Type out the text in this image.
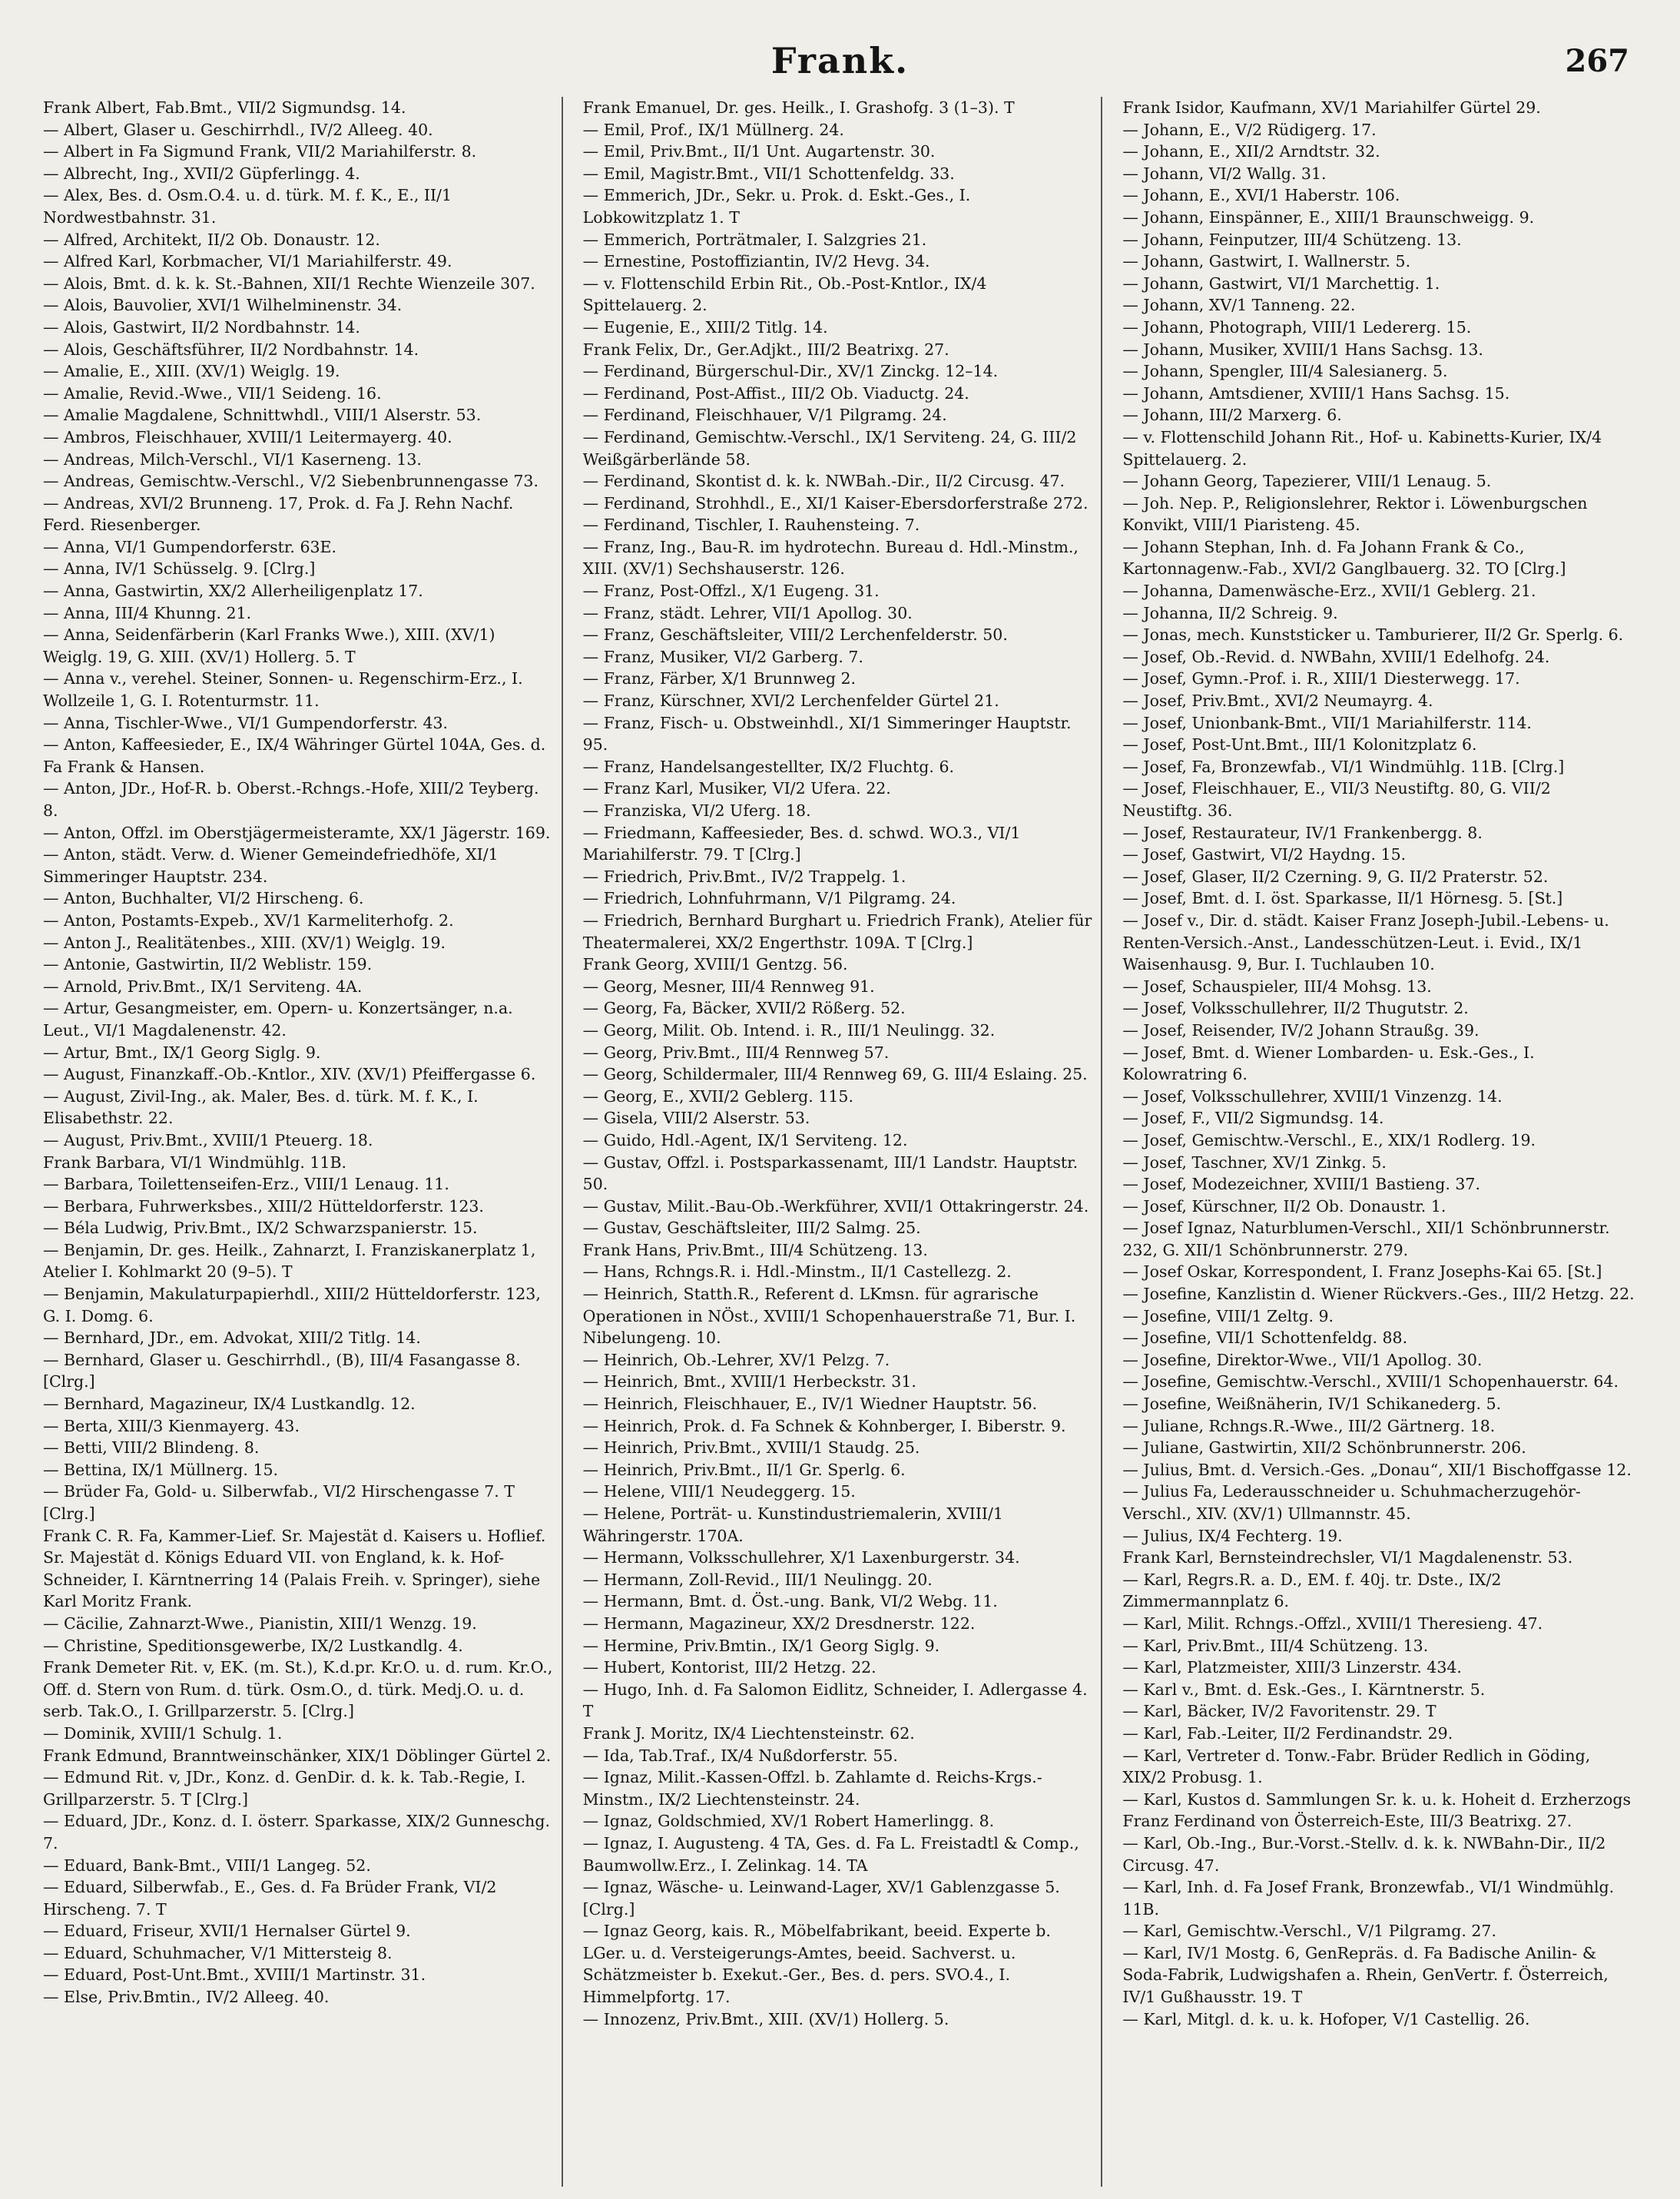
Frank.	267

Frank Albert, Fab.Bmt., VII/2 Sigmundsg. 14.

— Albert, Glaser u. Geschirrhdl., IV/2 Alleeg. 40.

— Albert in Fa Sigmund Frank, VII/2 Mariahilferstr. 8.

— Albrecht, Ing., XVII/2 Güpferlingg. 4.

— Alex, Bes. d. Osm.O.4. u. d. türk. M. f. K., E., II/1 Nordwestbahnstr. 31.

— Alfred, Architekt, II/2 Ob. Donaustr. 12.

— Alfred Karl, Korbmacher, VI/1 Mariahilferstr. 49.

— Alois, Bmt. d. k. k. St.-Bahnen, XII/1 Rechte Wienzeile 307.

— Alois, Bauvolier, XVI/1 Wilhelminenstr. 34.

— Alois, Gastwirt, II/2 Nordbahnstr. 14.

— Alois, Geschäftsführer, II/2 Nordbahnstr. 14.

— Amalie, E., XIII. (XV/1) Weiglg. 19.

— Amalie, Revid.-Wwe., VII/1 Seideng. 16.

— Amalie Magdalene, Schnittwhdl., VIII/1 Alserstr. 53.

— Ambros, Fleischhauer, XVIII/1 Leitermayerg. 40.

— Andreas, Milch-Verschl., VI/1 Kaserneng. 13.

— Andreas, Gemischtw.-Verschl., V/2 Siebenbrunnengasse 73.

— Andreas, XVI/2 Brunneng. 17, Prok. d. Fa J. Rehn Nachf. Ferd. Riesenberger.

— Anna, VI/1 Gumpendorferstr. 63E.

— Anna, IV/1 Schüsselg. 9. [Clrg.]

— Anna, Gastwirtin, XX/2 Allerheiligenplatz 17.

— Anna, III/4 Khunng. 21.

— Anna, Seidenfärberin (Karl Franks Wwe.), XIII. (XV/1) Weiglg. 19, G. XIII. (XV/1) Hollerg. 5. T

— Anna v., verehel. Steiner, Sonnen- u. Regenschirm-Erz., I. Wollzeile 1, G. I. Rotenturmstr. 11.

— Anna, Tischler-Wwe., VI/1 Gumpendorferstr. 43.

— Anton, Kaffeesieder, E., IX/4 Währinger Gürtel 104A, Ges. d. Fa Frank & Hansen.

— Anton, JDr., Hof-R. b. Oberst.-Rchngs.-Hofe, XIII/2 Teyberg. 8.

— Anton, Offzl. im Oberstjägermeisteramte, XX/1 Jägerstr. 169.

— Anton, städt. Verw. d. Wiener Gemeindefriedhöfe, XI/1 Simmeringer Hauptstr. 234.

— Anton, Buchhalter, VI/2 Hirscheng. 6.

— Anton, Postamts-Expeb., XV/1 Karmeliterhofg. 2.

— Anton J., Realitätenbes., XIII. (XV/1) Weiglg. 19.

— Antonie, Gastwirtin, II/2 Weblistr. 159.

— Arnold, Priv.Bmt., IX/1 Serviteng. 4A.

— Artur, Gesangmeister, em. Opern- u. Konzertsänger, n.a. Leut., VI/1 Magdalenenstr. 42.

— Artur, Bmt., IX/1 Georg Siglg. 9.

— August, Finanzkaff.-Ob.-Kntlor., XIV. (XV/1) Pfeiffergasse 6.

— August, Zivil-Ing., ak. Maler, Bes. d. türk. M. f. K., I. Elisabethstr. 22.

— August, Priv.Bmt., XVIII/1 Pteuerg. 18.

Frank Barbara, VI/1 Windmühlg. 11B.

— Barbara, Toilettenseifen-Erz., VIII/1 Lenaug. 11.

— Berbara, Fuhrwerksbes., XIII/2 Hütteldorferstr. 123.

— Béla Ludwig, Priv.Bmt., IX/2 Schwarzspanierstr. 15.

— Benjamin, Dr. ges. Heilk., Zahnarzt, I. Franziskanerplatz 1, Atelier I. Kohlmarkt 20 (9–5). T

— Benjamin, Makulaturpapierhdl., XIII/2 Hütteldorferstr. 123, G. I. Domg. 6.

— Bernhard, JDr., em. Advokat, XIII/2 Titlg. 14.

— Bernhard, Glaser u. Geschirrhdl., (B), III/4 Fasangasse 8. [Clrg.]

— Bernhard, Magazineur, IX/4 Lustkandlg. 12.

— Berta, XIII/3 Kienmayerg. 43.

— Betti, VIII/2 Blindeng. 8.

— Bettina, IX/1 Müllnerg. 15.

— Brüder Fa, Gold- u. Silberwfab., VI/2 Hirschengasse 7. T [Clrg.]

Frank C. R. Fa, Kammer-Lief. Sr. Majestät d. Kaisers u. Hoflief. Sr. Majestät d. Königs Eduard VII. von England, k. k. Hof-Schneider, I. Kärntnerring 14 (Palais Freih. v. Springer), siehe Karl Moritz Frank.

— Cäcilie, Zahnarzt-Wwe., Pianistin, XIII/1 Wenzg. 19.

— Christine, Speditionsgewerbe, IX/2 Lustkandlg. 4.

Frank Demeter Rit. v, EK. (m. St.), K.d.pr. Kr.O. u. d. rum. Kr.O., Off. d. Stern von Rum. d. türk. Osm.O., d. türk. Medj.O. u. d. serb. Tak.O., I. Grillparzerstr. 5. [Clrg.]

— Dominik, XVIII/1 Schulg. 1.

Frank Edmund, Branntweinschänker, XIX/1 Döblinger Gürtel 2.

— Edmund Rit. v, JDr., Konz. d. GenDir. d. k. k. Tab.-Regie, I. Grillparzerstr. 5. T [Clrg.]

— Eduard, JDr., Konz. d. I. österr. Sparkasse, XIX/2 Gunneschg. 7.

— Eduard, Bank-Bmt., VIII/1 Langeg. 52.

— Eduard, Silberwfab., E., Ges. d. Fa Brüder Frank, VI/2 Hirscheng. 7. T

— Eduard, Friseur, XVII/1 Hernalser Gürtel 9.

— Eduard, Schuhmacher, V/1 Mittersteig 8.

— Eduard, Post-Unt.Bmt., XVIII/1 Martinstr. 31.

— Else, Priv.Bmtin., IV/2 Alleeg. 40.

Frank Emanuel, Dr. ges. Heilk., I. Grashofg. 3 (1–3). T

— Emil, Prof., IX/1 Müllnerg. 24.

— Emil, Priv.Bmt., II/1 Unt. Augartenstr. 30.

— Emil, Magistr.Bmt., VII/1 Schottenfeldg. 33.

— Emmerich, JDr., Sekr. u. Prok. d. Eskt.-Ges., I. Lobkowitzplatz 1. T

— Emmerich, Porträtmaler, I. Salzgries 21.

— Ernestine, Postoffiziantin, IV/2 Hevg. 34.

— v. Flottenschild Erbin Rit., Ob.-Post-Kntlor., IX/4 Spittelauerg. 2.

— Eugenie, E., XIII/2 Titlg. 14.

Frank Felix, Dr., Ger.Adjkt., III/2 Beatrixg. 27.

— Ferdinand, Bürgerschul-Dir., XV/1 Zinckg. 12–14.

— Ferdinand, Post-Affist., III/2 Ob. Viaductg. 24.

— Ferdinand, Fleischhauer, V/1 Pilgramg. 24.

— Ferdinand, Gemischtw.-Verschl., IX/1 Serviteng. 24, G. III/2 Weißgärberlände 58.

— Ferdinand, Skontist d. k. k. NWBah.-Dir., II/2 Circusg. 47.

— Ferdinand, Strohhdl., E., XI/1 Kaiser-Ebersdorferstraße 272.

— Ferdinand, Tischler, I. Rauhensteing. 7.

— Franz, Ing., Bau-R. im hydrotechn. Bureau d. Hdl.-Minstm., XIII. (XV/1) Sechshauserstr. 126.

— Franz, Post-Offzl., X/1 Eugeng. 31.

— Franz, städt. Lehrer, VII/1 Apollog. 30.

— Franz, Geschäftsleiter, VIII/2 Lerchenfelderstr. 50.

— Franz, Musiker, VI/2 Garberg. 7.

— Franz, Färber, X/1 Brunnweg 2.

— Franz, Kürschner, XVI/2 Lerchenfelder Gürtel 21.

— Franz, Fisch- u. Obstweinhdl., XI/1 Simmeringer Hauptstr. 95.

— Franz, Handelsangestellter, IX/2 Fluchtg. 6.

— Franz Karl, Musiker, VI/2 Ufera. 22.

— Franziska, VI/2 Uferg. 18.

— Friedmann, Kaffeesieder, Bes. d. schwd. WO.3., VI/1 Mariahilferstr. 79. T [Clrg.]

— Friedrich, Priv.Bmt., IV/2 Trappelg. 1.

— Friedrich, Lohnfuhrmann, V/1 Pilgramg. 24.

— Friedrich, Bernhard Burghart u. Friedrich Frank), Atelier für Theatermalerei, XX/2 Engerthstr. 109A. T [Clrg.]

Frank Georg, XVIII/1 Gentzg. 56.

— Georg, Mesner, III/4 Rennweg 91.

— Georg, Fa, Bäcker, XVII/2 Rößerg. 52.

— Georg, Milit. Ob. Intend. i. R., III/1 Neulingg. 32.

— Georg, Priv.Bmt., III/4 Rennweg 57.

— Georg, Schildermaler, III/4 Rennweg 69, G. III/4 Eslaing. 25.

— Georg, E., XVII/2 Geblerg. 115.

— Gisela, VIII/2 Alserstr. 53.

— Guido, Hdl.-Agent, IX/1 Serviteng. 12.

— Gustav, Offzl. i. Postsparkassenamt, III/1 Landstr. Hauptstr. 50.

— Gustav, Milit.-Bau-Ob.-Werkführer, XVII/1 Ottakringerstr. 24.

— Gustav, Geschäftsleiter, III/2 Salmg. 25.

Frank Hans, Priv.Bmt., III/4 Schützeng. 13.

— Hans, Rchngs.R. i. Hdl.-Minstm., II/1 Castellezg. 2.

— Heinrich, Statth.R., Referent d. LKmsn. für agrarische Operationen in NÖst., XVIII/1 Schopenhauerstraße 71, Bur. I. Nibelungeng. 10.

— Heinrich, Ob.-Lehrer, XV/1 Pelzg. 7.

— Heinrich, Bmt., XVIII/1 Herbeckstr. 31.

— Heinrich, Fleischhauer, E., IV/1 Wiedner Hauptstr. 56.

— Heinrich, Prok. d. Fa Schnek & Kohnberger, I. Biberstr. 9.

— Heinrich, Priv.Bmt., XVIII/1 Staudg. 25.

— Heinrich, Priv.Bmt., II/1 Gr. Sperlg. 6.

— Helene, VIII/1 Neudeggerg. 15.

— Helene, Porträt- u. Kunstindustriemalerin, XVIII/1 Währingerstr. 170A.

— Hermann, Volksschullehrer, X/1 Laxenburgerstr. 34.

— Hermann, Zoll-Revid., III/1 Neulingg. 20.

— Hermann, Bmt. d. Öst.-ung. Bank, VI/2 Webg. 11.

— Hermann, Magazineur, XX/2 Dresdnerstr. 122.

— Hermine, Priv.Bmtin., IX/1 Georg Siglg. 9.

— Hubert, Kontorist, III/2 Hetzg. 22.

— Hugo, Inh. d. Fa Salomon Eidlitz, Schneider, I. Adlergasse 4. T

Frank J. Moritz, IX/4 Liechtensteinstr. 62.

— Ida, Tab.Traf., IX/4 Nußdorferstr. 55.

— Ignaz, Milit.-Kassen-Offzl. b. Zahlamte d. Reichs-Krgs.-Minstm., IX/2 Liechtensteinstr. 24.

— Ignaz, Goldschmied, XV/1 Robert Hamerlingg. 8.

— Ignaz, I. Augusteng. 4 TA, Ges. d. Fa L. Freistadtl & Comp., Baumwollw.Erz., I. Zelinkag. 14. TA

— Ignaz, Wäsche- u. Leinwand-Lager, XV/1 Gablenzgasse 5. [Clrg.]

— Ignaz Georg, kais. R., Möbelfabrikant, beeid. Experte b. LGer. u. d. Versteigerungs-Amtes, beeid. Sachverst. u. Schätzmeister b. Exekut.-Ger., Bes. d. pers. SVO.4., I. Himmelpfortg. 17.

— Innozenz, Priv.Bmt., XIII. (XV/1) Hollerg. 5.

Frank Isidor, Kaufmann, XV/1 Mariahilfer Gürtel 29.

— Johann, E., V/2 Rüdigerg. 17.

— Johann, E., XII/2 Arndtstr. 32.

— Johann, VI/2 Wallg. 31.

— Johann, E., XVI/1 Haberstr. 106.

— Johann, Einspänner, E., XIII/1 Braunschweigg. 9.

— Johann, Feinputzer, III/4 Schützeng. 13.

— Johann, Gastwirt, I. Wallnerstr. 5.

— Johann, Gastwirt, VI/1 Marchettig. 1.

— Johann, XV/1 Tanneng. 22.

— Johann, Photograph, VIII/1 Ledererg. 15.

— Johann, Musiker, XVIII/1 Hans Sachsg. 13.

— Johann, Spengler, III/4 Salesianerg. 5.

— Johann, Amtsdiener, XVIII/1 Hans Sachsg. 15.

— Johann, III/2 Marxerg. 6.

— v. Flottenschild Johann Rit., Hof- u. Kabinetts-Kurier, IX/4 Spittelauerg. 2.

— Johann Georg, Tapezierer, VIII/1 Lenaug. 5.

— Joh. Nep. P., Religionslehrer, Rektor i. Löwenburgschen Konvikt, VIII/1 Piaristeng. 45.

— Johann Stephan, Inh. d. Fa Johann Frank & Co., Kartonnagenw.-Fab., XVI/2 Ganglbauerg. 32. TO [Clrg.]

— Johanna, Damenwäsche-Erz., XVII/1 Geblerg. 21.

— Johanna, II/2 Schreig. 9.

— Jonas, mech. Kunststicker u. Tamburierer, II/2 Gr. Sperlg. 6.

— Josef, Ob.-Revid. d. NWBahn, XVIII/1 Edelhofg. 24.

— Josef, Gymn.-Prof. i. R., XIII/1 Diesterwegg. 17.

— Josef, Priv.Bmt., XVI/2 Neumayrg. 4.

— Josef, Unionbank-Bmt., VII/1 Mariahilferstr. 114.

— Josef, Post-Unt.Bmt., III/1 Kolonitzplatz 6.

— Josef, Fa, Bronzewfab., VI/1 Windmühlg. 11B. [Clrg.]

— Josef, Fleischhauer, E., VII/3 Neustiftg. 80, G. VII/2 Neustiftg. 36.

— Josef, Restaurateur, IV/1 Frankenbergg. 8.

— Josef, Gastwirt, VI/2 Haydng. 15.

— Josef, Glaser, II/2 Czerning. 9, G. II/2 Praterstr. 52.

— Josef, Bmt. d. I. öst. Sparkasse, II/1 Hörnesg. 5. [St.]

— Josef v., Dir. d. städt. Kaiser Franz Joseph-Jubil.-Lebens- u. Renten-Versich.-Anst., Landesschützen-Leut. i. Evid., IX/1 Waisenhausg. 9, Bur. I. Tuchlauben 10.

— Josef, Schauspieler, III/4 Mohsg. 13.

— Josef, Volksschullehrer, II/2 Thugutstr. 2.

— Josef, Reisender, IV/2 Johann Straußg. 39.

— Josef, Bmt. d. Wiener Lombarden- u. Esk.-Ges., I. Kolowratring 6.

— Josef, Volksschullehrer, XVIII/1 Vinzenzg. 14.

— Josef, F., VII/2 Sigmundsg. 14.

— Josef, Gemischtw.-Verschl., E., XIX/1 Rodlerg. 19.

— Josef, Taschner, XV/1 Zinkg. 5.

— Josef, Modezeichner, XVIII/1 Bastieng. 37.

— Josef, Kürschner, II/2 Ob. Donaustr. 1.

— Josef Ignaz, Naturblumen-Verschl., XII/1 Schönbrunnerstr. 232, G. XII/1 Schönbrunnerstr. 279.

— Josef Oskar, Korrespondent, I. Franz Josephs-Kai 65. [St.]

— Josefine, Kanzlistin d. Wiener Rückvers.-Ges., III/2 Hetzg. 22.

— Josefine, VIII/1 Zeltg. 9.

— Josefine, VII/1 Schottenfeldg. 88.

— Josefine, Direktor-Wwe., VII/1 Apollog. 30.

— Josefine, Gemischtw.-Verschl., XVIII/1 Schopenhauerstr. 64.

— Josefine, Weißnäherin, IV/1 Schikanederg. 5.

— Juliane, Rchngs.R.-Wwe., III/2 Gärtnerg. 18.

— Juliane, Gastwirtin, XII/2 Schönbrunnerstr. 206.

— Julius, Bmt. d. Versich.-Ges. „Donau“, XII/1 Bischoffgasse 12.

— Julius Fa, Lederausschneider u. Schuhmacherzugehör-Verschl., XIV. (XV/1) Ullmannstr. 45.

— Julius, IX/4 Fechterg. 19.

Frank Karl, Bernsteindrechsler, VI/1 Magdalenenstr. 53.

— Karl, Regrs.R. a. D., EM. f. 40j. tr. Dste., IX/2 Zimmermannplatz 6.

— Karl, Milit. Rchngs.-Offzl., XVIII/1 Theresieng. 47.

— Karl, Priv.Bmt., III/4 Schützeng. 13.

— Karl, Platzmeister, XIII/3 Linzerstr. 434.

— Karl v., Bmt. d. Esk.-Ges., I. Kärntnerstr. 5.

— Karl, Bäcker, IV/2 Favoritenstr. 29. T

— Karl, Fab.-Leiter, II/2 Ferdinandstr. 29.

— Karl, Vertreter d. Tonw.-Fabr. Brüder Redlich in Göding, XIX/2 Probusg. 1.

— Karl, Kustos d. Sammlungen Sr. k. u. k. Hoheit d. Erzherzogs Franz Ferdinand von Österreich-Este, III/3 Beatrixg. 27.

— Karl, Ob.-Ing., Bur.-Vorst.-Stellv. d. k. k. NWBahn-Dir., II/2 Circusg. 47.

— Karl, Inh. d. Fa Josef Frank, Bronzewfab., VI/1 Windmühlg. 11B.

— Karl, Gemischtw.-Verschl., V/1 Pilgramg. 27.

— Karl, IV/1 Mostg. 6, GenRepräs. d. Fa Badische Anilin- & Soda-Fabrik, Ludwigshafen a. Rhein, GenVertr. f. Österreich, IV/1 Gußhausstr. 19. T

— Karl, Mitgl. d. k. u. k. Hofoper, V/1 Castellig. 26.
